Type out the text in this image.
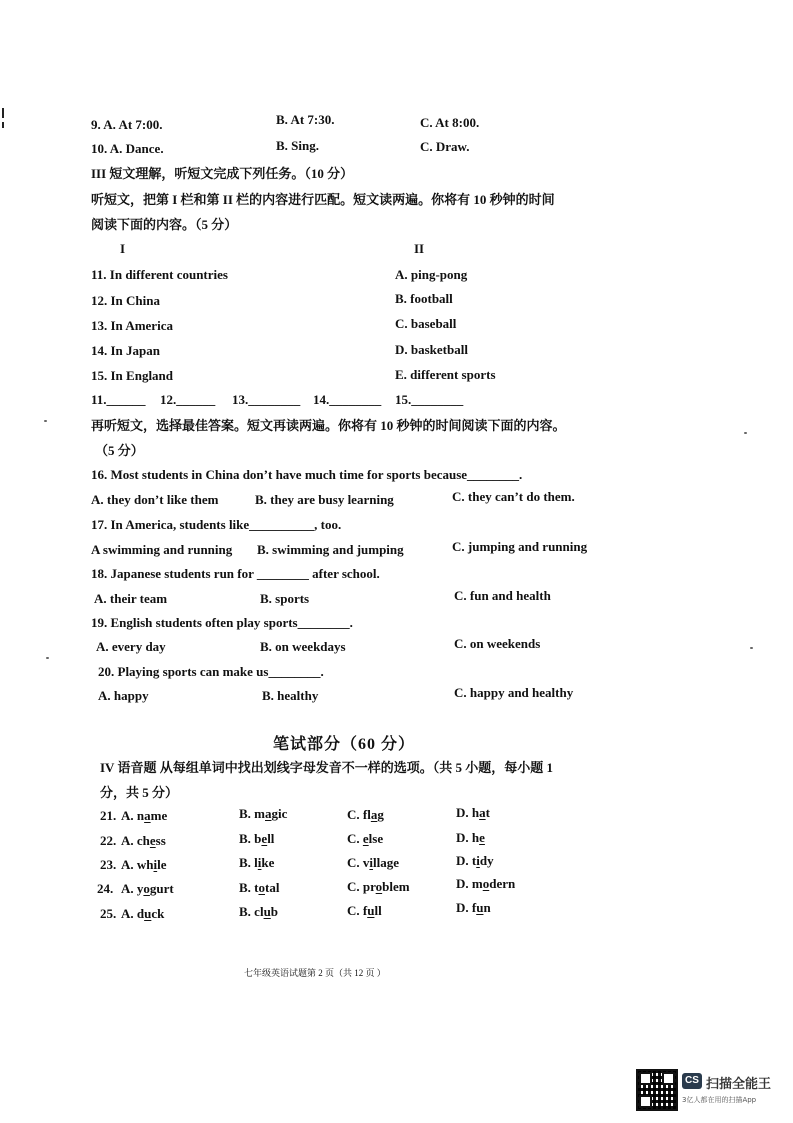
9. A. At 7:00.	B. At 7:30.	C. At 8:00.
10. A. Dance.	B. Sing.	C. Draw.
III 短文理解，听短文完成下列任务。（10 分）
听短文，把第 I 栏和第 II 栏的内容进行匹配。短文读两遍。你将有 10 秒钟的时间
阅读下面的内容。（5 分）
I	II
11. In different countries	A. ping-pong
12. In China	B. football
13. In America	C. baseball
14. In Japan	D. basketball
15. In England	E. different sports
11.______ 12.______ 13.________ 14.________ 15.________
再听短文，选择最佳答案。短文再读两遍。你将有 10 秒钟的时间阅读下面的内容。
（5 分）
16. Most students in China don’t have much time for sports because________.
A. they don’t like them	B. they are busy learning	C. they can’t do them.
17. In America, students like__________, too.
A swimming and running B. swimming and jumping	C. jumping and running
18. Japanese students run for ________ after school.
A. their team	B. sports	C. fun and health
19. English students often play sports________.
A. every day	B. on weekdays	C. on weekends
20. Playing sports can make us________.
A. happy	B. healthy	C. happy and healthy
笔试部分（60 分）
IV 语音题 从每组单词中找出划线字母发音不一样的选项。（共 5 小题，每小题 1
分，共 5 分）
21. A. name	B. magic	C. flag	D. hat
22. A. chess	B. bell	C. else	D. he
23. A. while	B. like	C. village	D. tidy
24. A. yogurt	B. total	C. problem	D. modern
25. A. duck	B. club	C. full	D. fun
七年级英语试题第 2 页（共 12 页 ）
CS 扫描全能王
3亿人都在用的扫描App
